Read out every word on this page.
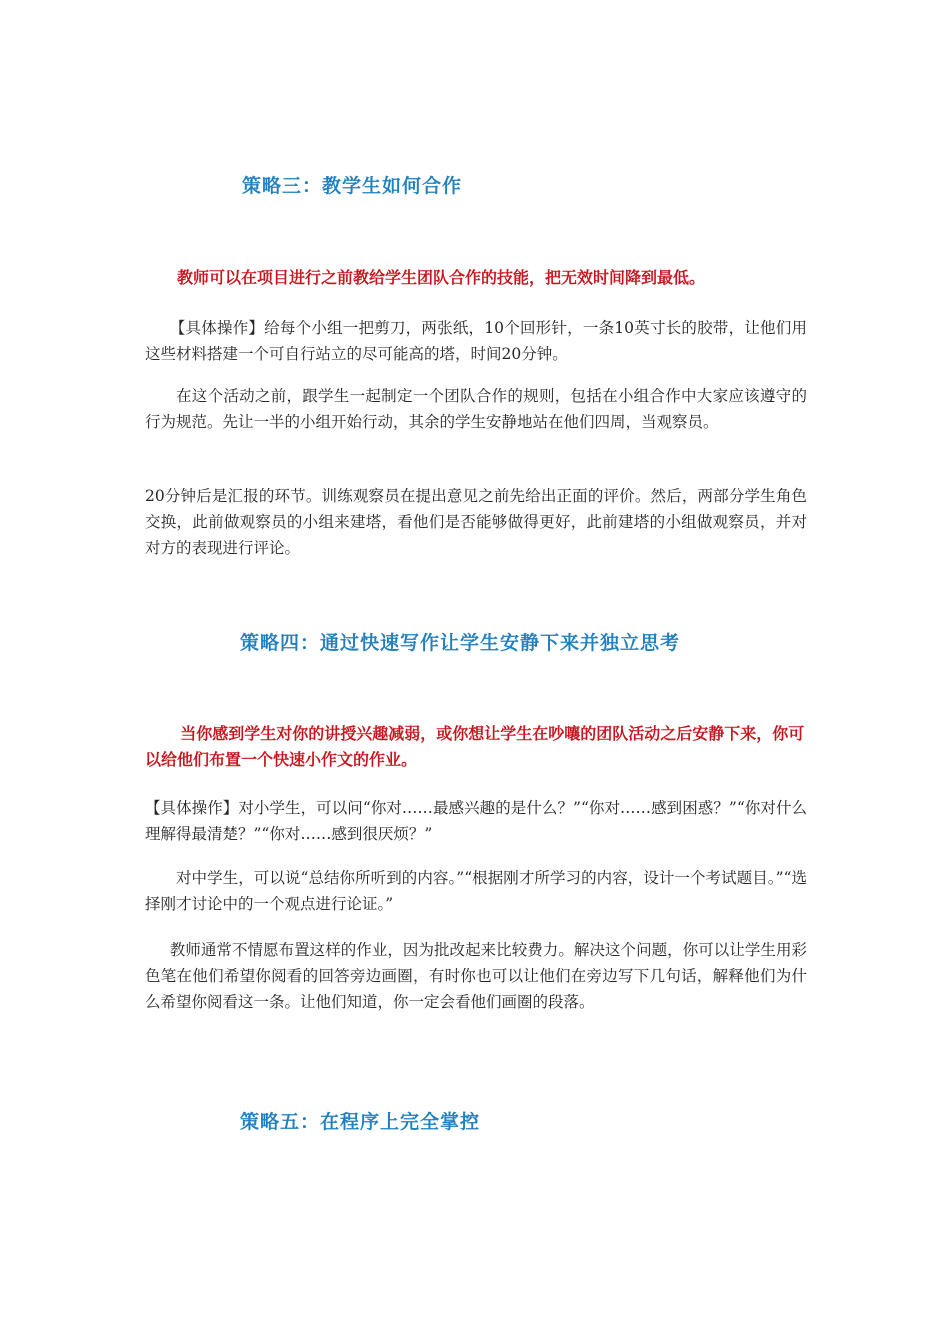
策略三：教学生如何合作

教师可以在项目进行之前教给学生团队合作的技能，把无效时间降到最低。

【具体操作】给每个小组一把剪刀，两张纸，10个回形针，一条10英寸长的胶带，让他们用这些材料搭建一个可自行站立的尽可能高的塔，时间20分钟。

在这个活动之前，跟学生一起制定一个团队合作的规则，包括在小组合作中大家应该遵守的行为规范。先让一半的小组开始行动，其余的学生安静地站在他们四周，当观察员。

20分钟后是汇报的环节。训练观察员在提出意见之前先给出正面的评价。然后，两部分学生角色交换，此前做观察员的小组来建塔，看他们是否能够做得更好，此前建塔的小组做观察员，并对对方的表现进行评论。

策略四：通过快速写作让学生安静下来并独立思考

当你感到学生对你的讲授兴趣减弱，或你想让学生在吵嚷的团队活动之后安静下来，你可以给他们布置一个快速小作文的作业。

【具体操作】对小学生，可以问“你对……最感兴趣的是什么？”“你对……感到困惑？”“你对什么理解得最清楚？”“你对……感到很厌烦？”

对中学生，可以说“总结你所听到的内容。”“根据刚才所学习的内容，设计一个考试题目。”“选择刚才讨论中的一个观点进行论证。”

教师通常不情愿布置这样的作业，因为批改起来比较费力。解决这个问题，你可以让学生用彩色笔在他们希望你阅看的回答旁边画圈，有时你也可以让他们在旁边写下几句话，解释他们为什么希望你阅看这一条。让他们知道，你一定会看他们画圈的段落。

策略五：在程序上完全掌控
